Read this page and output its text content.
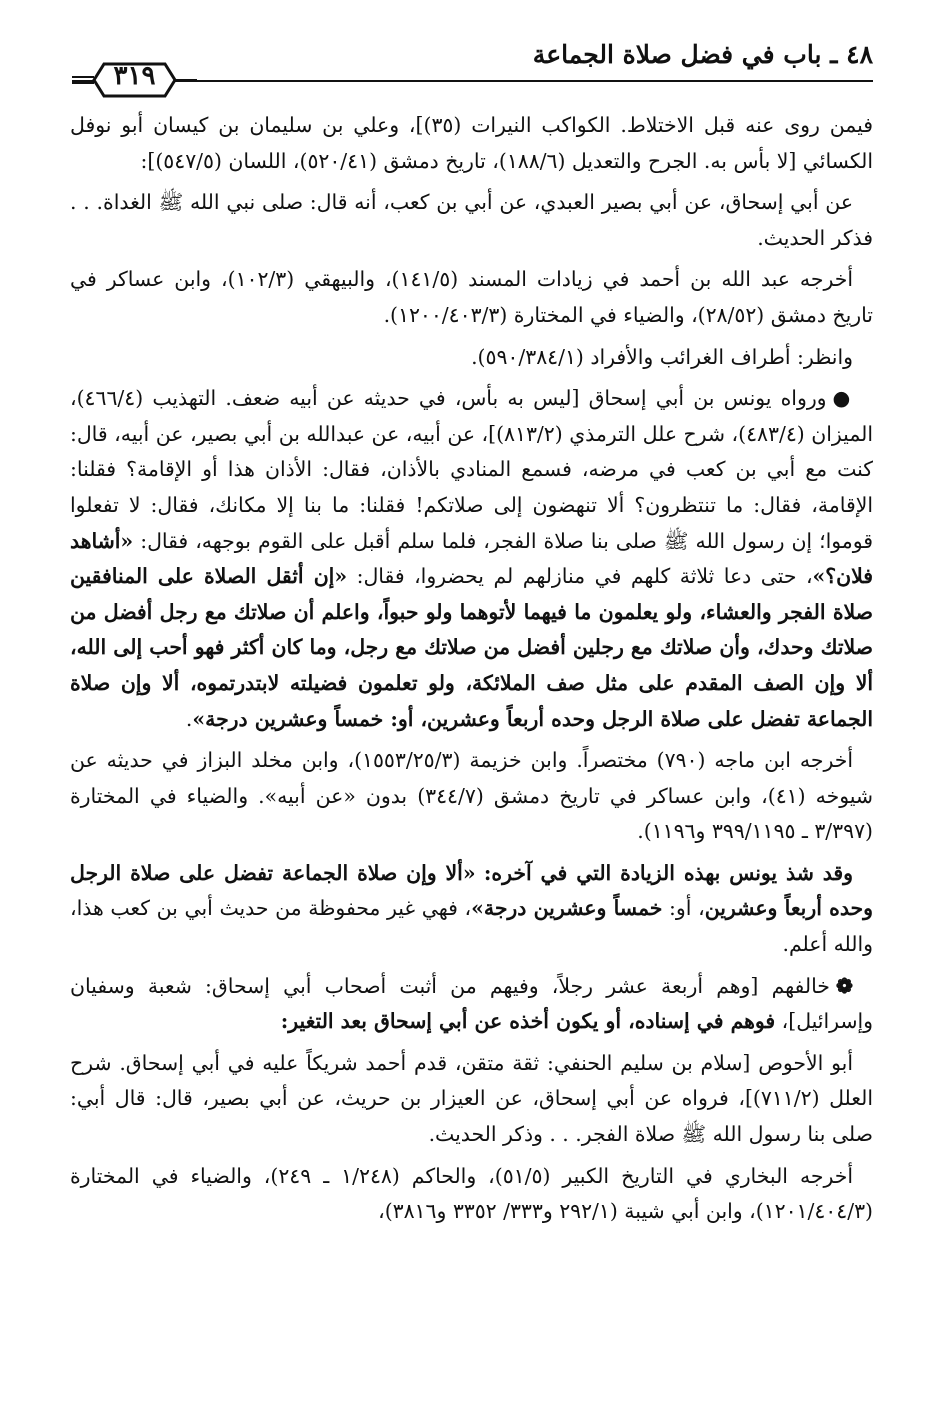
٤٨ ـ باب في فضل صلاة الجماعة
٣١٩

فيمن روى عنه قبل الاختلاط. الكواكب النيرات (٣٥)]، وعلي بن سليمان بن كيسان أبو نوفل الكسائي [لا بأس به. الجرح والتعديل (١٨٨/٦)، تاريخ دمشق (٥٢٠/٤١)، اللسان (٥٤٧/٥)]:

عن أبي إسحاق، عن أبي بصير العبدي، عن أبي بن كعب، أنه قال: صلى نبي الله ﷺ الغداة. . . فذكر الحديث.

أخرجه عبد الله بن أحمد في زيادات المسند (١٤١/٥)، والبيهقي (١٠٢/٣)، وابن عساكر في تاريخ دمشق (٢٨/٥٢)، والضياء في المختارة (١٢٠٠/٤٠٣/٣).

وانظر: أطراف الغرائب والأفراد (٥٩٠/٣٨٤/١).

●ورواه يونس بن أبي إسحاق [ليس به بأس، في حديثه عن أبيه ضعف. التهذيب (٤٦٦/٤)، الميزان (٤٨٣/٤)، شرح علل الترمذي (٨١٣/٢)]، عن أبيه، عن عبدالله بن أبي بصير، عن أبيه، قال: كنت مع أبي بن كعب في مرضه، فسمع المنادي بالأذان، فقال: الأذان هذا أو الإقامة؟ فقلنا: الإقامة، فقال: ما تنتظرون؟ ألا تنهضون إلى صلاتكم! فقلنا: ما بنا إلا مكانك، فقال: لا تفعلوا قوموا؛ إن رسول الله ﷺ صلى بنا صلاة الفجر، فلما سلم أقبل على القوم بوجهه، فقال: «أشاهد فلان؟»، حتى دعا ثلاثة كلهم في منازلهم لم يحضروا، فقال: «إن أثقل الصلاة على المنافقين صلاة الفجر والعشاء، ولو يعلمون ما فيهما لأتوهما ولو حبواً، واعلم أن صلاتك مع رجل أفضل من صلاتك وحدك، وأن صلاتك مع رجلين أفضل من صلاتك مع رجل، وما كان أكثر فهو أحب إلى الله، ألا وإن الصف المقدم على مثل صف الملائكة، ولو تعلمون فضيلته لابتدرتموه، ألا وإن صلاة الجماعة تفضل على صلاة الرجل وحده أربعاً وعشرين، أو: خمساً وعشرين درجة».

أخرجه ابن ماجه (٧٩٠) مختصراً. وابن خزيمة (١٥٥٣/٢٥/٣)، وابن مخلد البزاز في حديثه عن شيوخه (٤١)، وابن عساكر في تاريخ دمشق (٣٤٤/٧) بدون «عن أبيه». والضياء في المختارة (٣/٣٩٧ ـ ٣٩٩/١١٩٥ و١١٩٦).

وقد شذ يونس بهذه الزيادة التي في آخره: «ألا وإن صلاة الجماعة تفضل على صلاة الرجل وحده أربعاً وعشرين، أو: خمساً وعشرين درجة»، فهي غير محفوظة من حديث أبي بن كعب هذا، والله أعلم.

❁خالفهم [وهم أربعة عشر رجلاً، وفيهم من أثبت أصحاب أبي إسحاق: شعبة وسفيان وإسرائيل]، فوهم في إسناده، أو يكون أخذه عن أبي إسحاق بعد التغير:

أبو الأحوص [سلام بن سليم الحنفي: ثقة متقن، قدم أحمد شريكاً عليه في أبي إسحاق. شرح العلل (٧١١/٢)]، فرواه عن أبي إسحاق، عن العيزار بن حريث، عن أبي بصير، قال: قال أبي: صلى بنا رسول الله ﷺ صلاة الفجر. . . وذكر الحديث.

أخرجه البخاري في التاريخ الكبير (٥١/٥)، والحاكم (١/٢٤٨ ـ ٢٤٩)، والضياء في المختارة (١٢٠١/٤٠٤/٣)، وابن أبي شيبة (٢٩٢/١ و٣٣٣/ ٣٣٥٢ و٣٨١٦)،
